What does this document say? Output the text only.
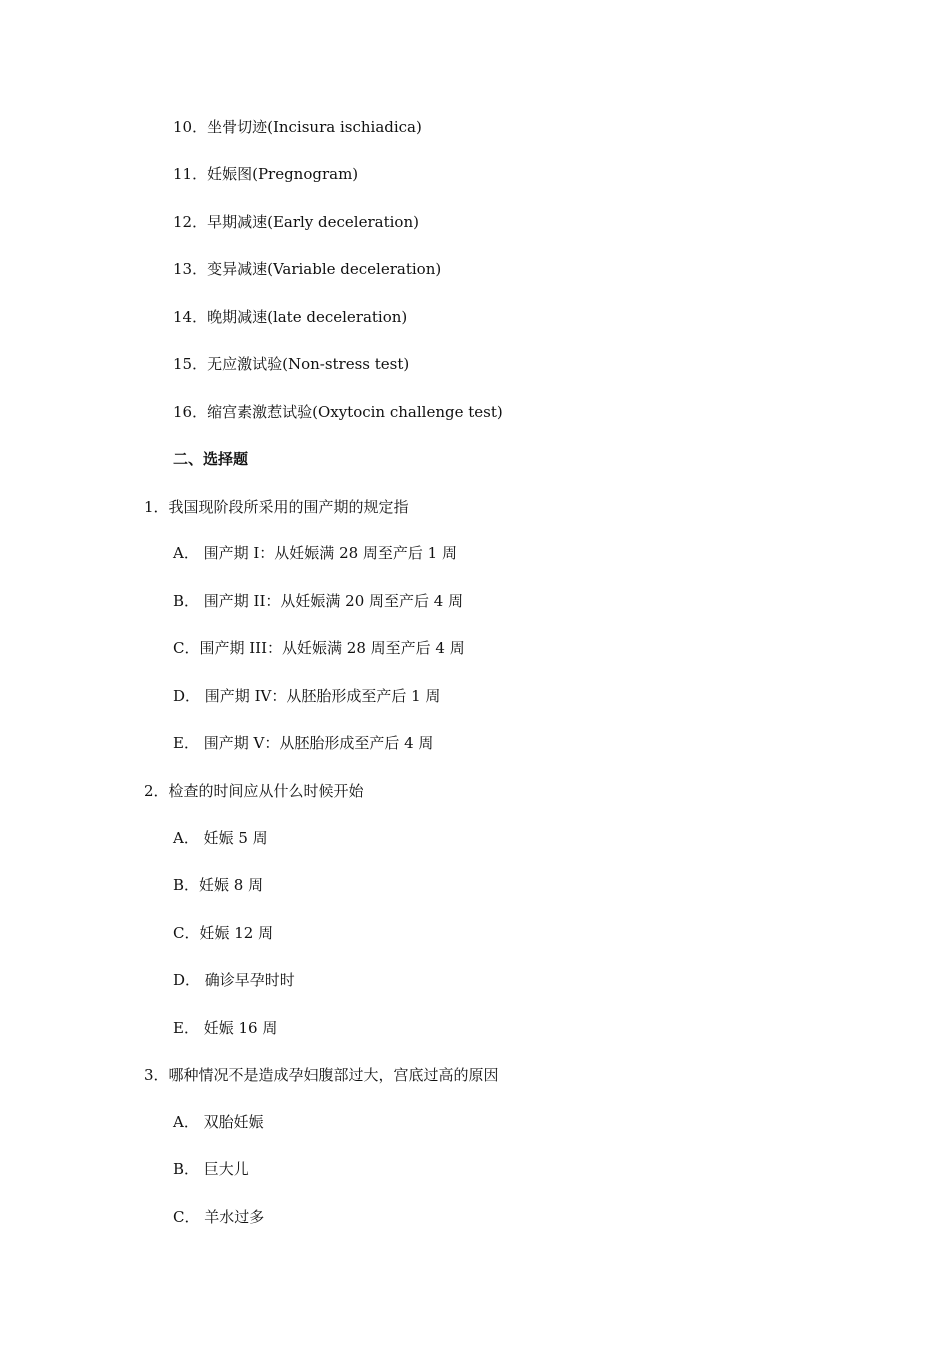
10．坐骨切迹(Incisura ischiadica)
11．妊娠图(Pregnogram)
12．早期减速(Early deceleration)
13．变异减速(Variable deceleration)
14．晚期减速(late deceleration)
15．无应激试验(Non-stress test)
16．缩宫素激惹试验(Oxytocin challenge test)
二、选择题
1．我国现阶段所采用的围产期的规定指
A． 围产期 I：从妊娠满 28 周至产后 1 周
B． 围产期 II：从妊娠满 20 周至产后 4 周
C．围产期 III：从妊娠满 28 周至产后 4 周
D． 围产期 IV：从胚胎形成至产后 1 周
E． 围产期 V：从胚胎形成至产后 4 周
2．检查的时间应从什么时候开始
A． 妊娠 5 周
B．妊娠 8 周
C．妊娠 12 周
D． 确诊早孕时时
E． 妊娠 16 周
3．哪种情况不是造成孕妇腹部过大，宫底过高的原因
A． 双胎妊娠
B． 巨大儿
C． 羊水过多
